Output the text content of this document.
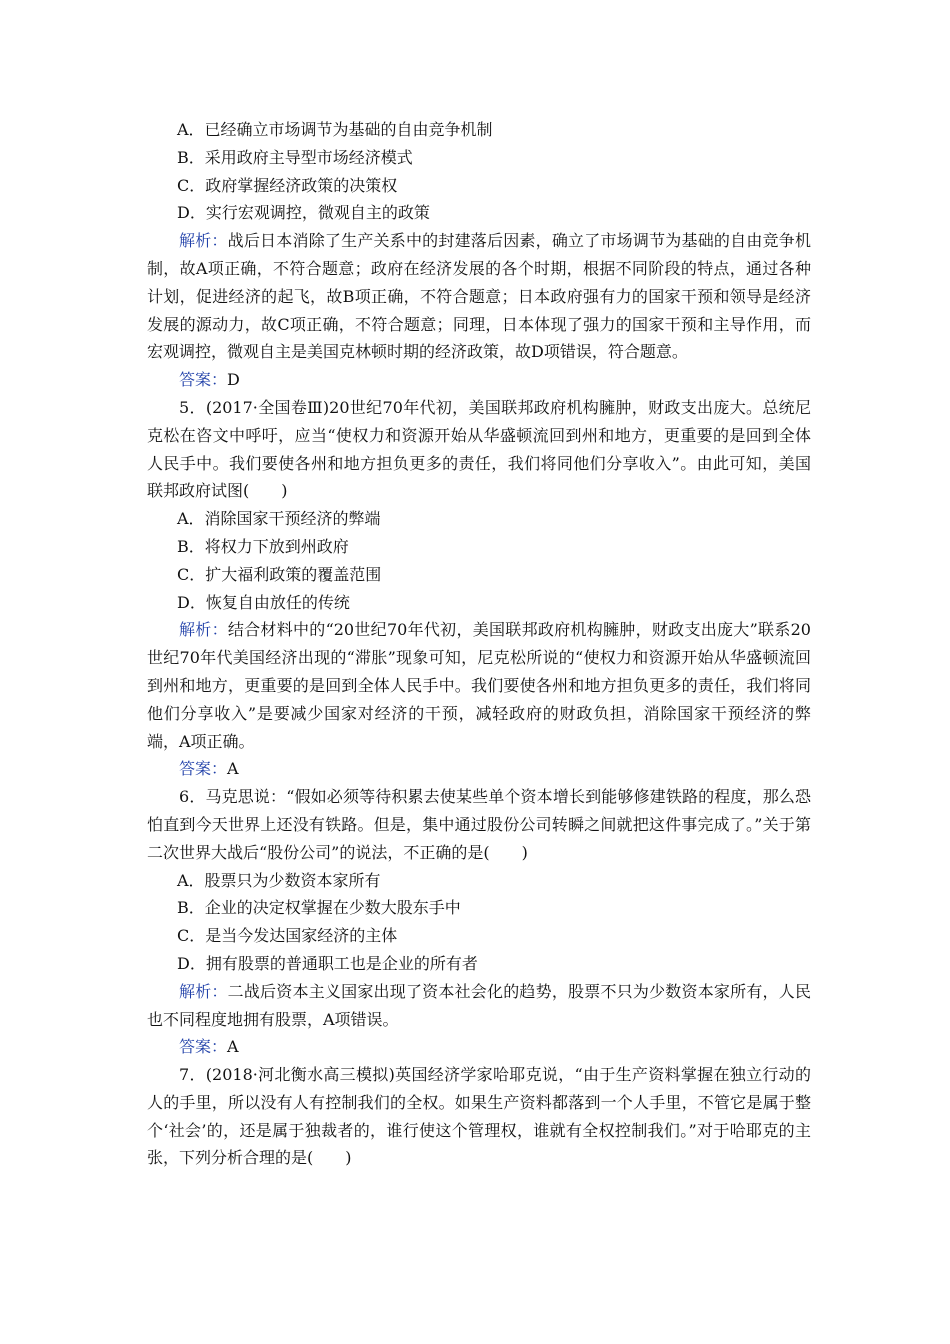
A．已经确立市场调节为基础的自由竞争机制

B．采用政府主导型市场经济模式

C．政府掌握经济政策的决策权

D．实行宏观调控，微观自主的政策

解析：战后日本消除了生产关系中的封建落后因素，确立了市场调节为基础的自由竞争机制，故A项正确，不符合题意；政府在经济发展的各个时期，根据不同阶段的特点，通过各种计划，促进经济的起飞，故B项正确，不符合题意；日本政府强有力的国家干预和领导是经济发展的源动力，故C项正确，不符合题意；同理，日本体现了强力的国家干预和主导作用，而宏观调控，微观自主是美国克林顿时期的经济政策，故D项错误，符合题意。

答案：D

5．(2017·全国卷Ⅲ)20世纪70年代初，美国联邦政府机构臃肿，财政支出庞大。总统尼克松在咨文中呼吁，应当“使权力和资源开始从华盛顿流回到州和地方，更重要的是回到全体人民手中。我们要使各州和地方担负更多的责任，我们将同他们分享收入”。由此可知，美国联邦政府试图(　　)

A．消除国家干预经济的弊端

B．将权力下放到州政府

C．扩大福利政策的覆盖范围

D．恢复自由放任的传统

解析：结合材料中的“20世纪70年代初，美国联邦政府机构臃肿，财政支出庞大”联系20世纪70年代美国经济出现的“滞胀”现象可知，尼克松所说的“使权力和资源开始从华盛顿流回到州和地方，更重要的是回到全体人民手中。我们要使各州和地方担负更多的责任，我们将同他们分享收入”是要减少国家对经济的干预，减轻政府的财政负担，消除国家干预经济的弊端，A项正确。

答案：A

6．马克思说：“假如必须等待积累去使某些单个资本增长到能够修建铁路的程度，那么恐怕直到今天世界上还没有铁路。但是，集中通过股份公司转瞬之间就把这件事完成了。”关于第二次世界大战后“股份公司”的说法，不正确的是(　　)

A．股票只为少数资本家所有

B．企业的决定权掌握在少数大股东手中

C．是当今发达国家经济的主体

D．拥有股票的普通职工也是企业的所有者

解析：二战后资本主义国家出现了资本社会化的趋势，股票不只为少数资本家所有，人民也不同程度地拥有股票，A项错误。

答案：A

7．(2018·河北衡水高三模拟)英国经济学家哈耶克说，“由于生产资料掌握在独立行动的人的手里，所以没有人有控制我们的全权。如果生产资料都落到一个人手里，不管它是属于整个‘社会’的，还是属于独裁者的，谁行使这个管理权，谁就有全权控制我们。”对于哈耶克的主张，下列分析合理的是(　　)
